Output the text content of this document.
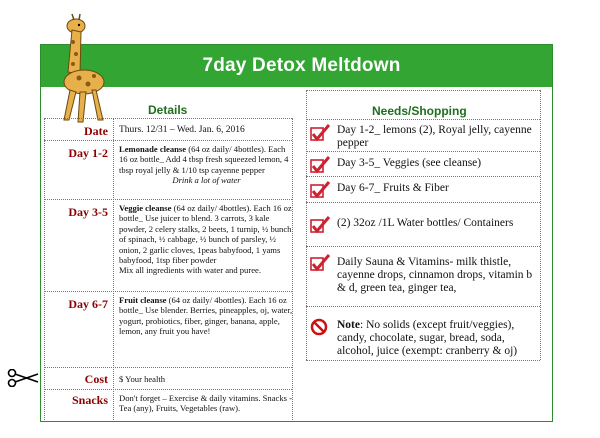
7day Detox Meltdown
Details	Needs/Shopping
Date
Day 1-2
Day 3-5
Day 6-7
Cost
Snacks
Thurs. 12/31 – Wed. Jan. 6, 2016
Lemonade cleanse (64 oz daily/ 4bottles). Each 16 oz bottle_ Add 4 tbsp fresh squeezed lemon, 4 tbsp royal jelly & 1/10 tsp cayenne pepper
Drink a lot of water
Veggie cleanse (64 oz daily/ 4bottles). Each 16 oz bottle_ Use juicer to blend. 3 carrots, 3 kale powder, 2 celery stalks, 2 beets, 1 turnip, ½ bunch of spinach, ½ cabbage, ½ bunch of parsley, ½ onion, 2 garlic cloves, 1peas babyfood, 1 yams babyfood, 1tsp fiber powder
Mix all ingredients with water and puree.
Fruit cleanse (64 oz daily/ 4bottles). Each 16 oz bottle_ Use blender. Berries, pineapples, oj, water, yogurt, probiotics, fiber, ginger, banana, apple, lemon, any fruit you have!
$ Your health
Don't forget – Exercise & daily vitamins. Snacks -Tea (any), Fruits, Vegetables (raw).
Day 1-2_ lemons (2), Royal jelly, cayenne pepper
Day 3-5_ Veggies (see cleanse)
Day 6-7_ Fruits & Fiber
(2) 32oz /1L Water bottles/ Containers
Daily Sauna & Vitamins- milk thistle, cayenne drops, cinnamon drops, vitamin b & d, green tea, ginger tea,
Note: No solids (except fruit/veggies), candy, chocolate, sugar, bread, soda, alcohol, juice (exempt: cranberry & oj)
